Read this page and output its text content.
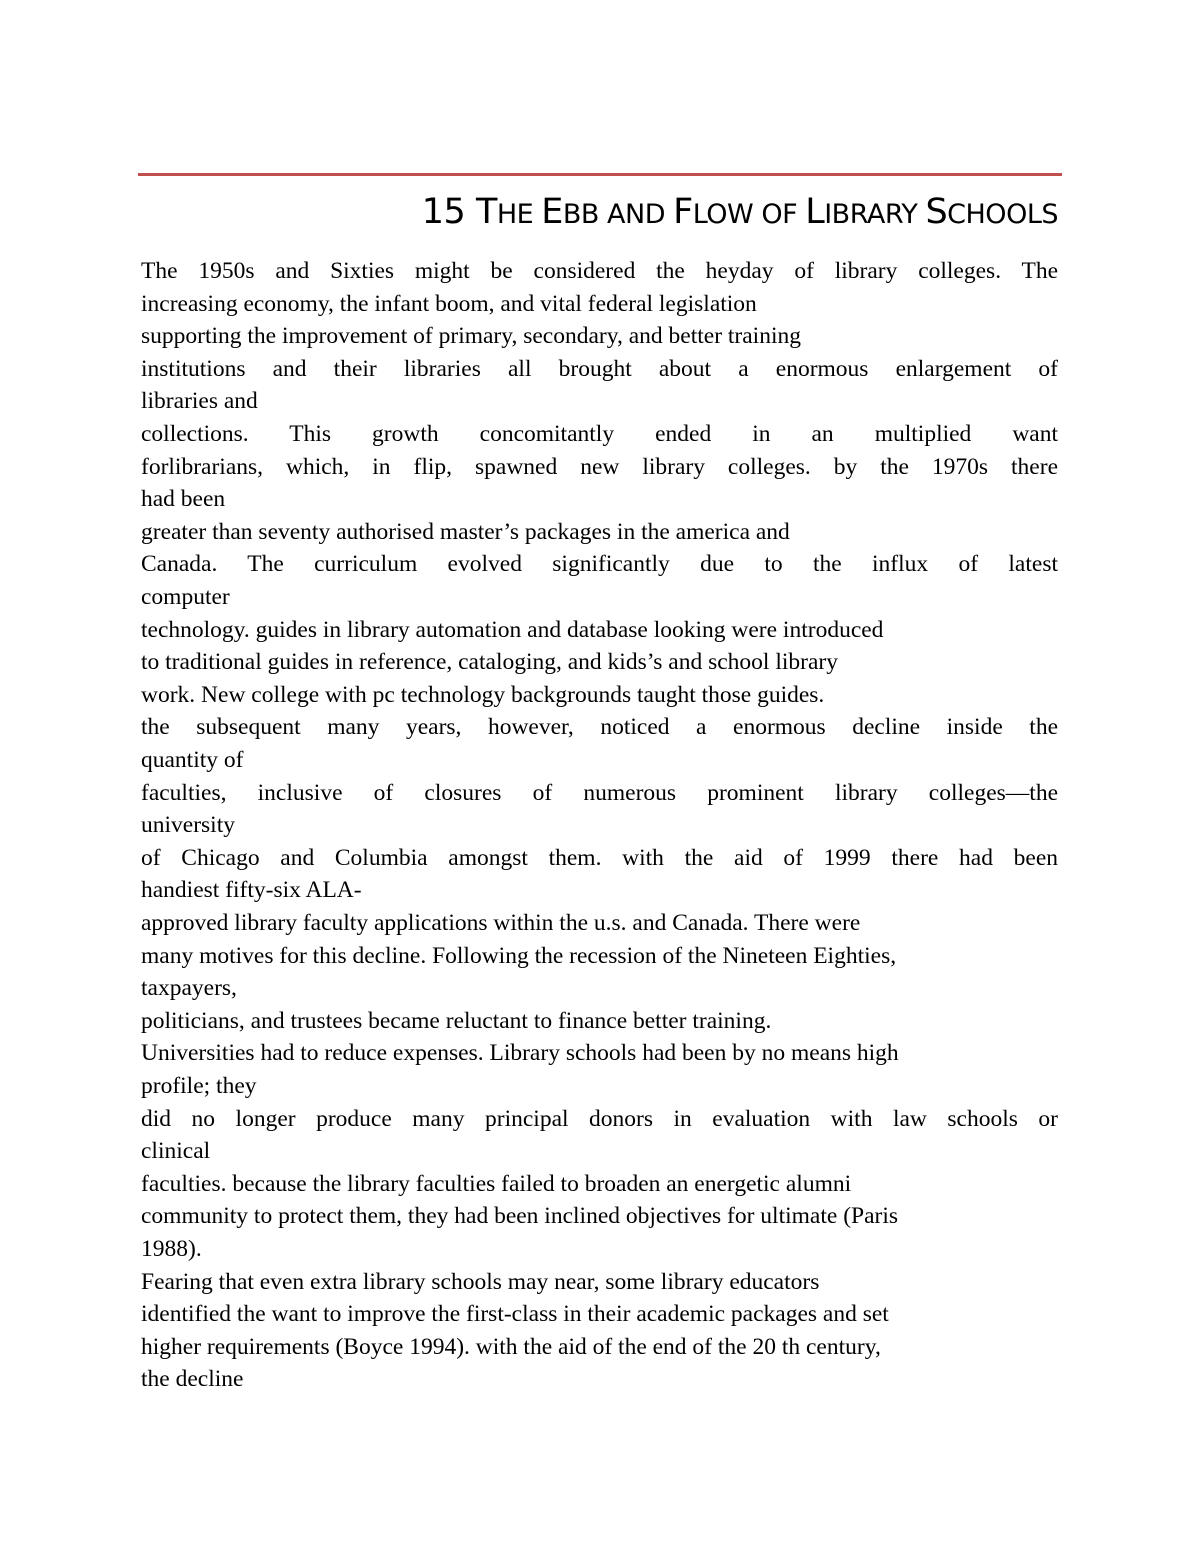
15 THE EBB AND FLOW OF LIBRARY SCHOOLS
The 1950s and Sixties might be considered the heyday of library colleges. The
increasing economy, the infant boom, and vital federal legislation
supporting the improvement of primary, secondary, and better training
institutions and their libraries all brought about a enormous enlargement of
libraries and
collections. This growth concomitantly ended in an multiplied want
forlibrarians, which, in flip, spawned new library colleges. by the 1970s there
had been
greater than seventy authorised master’s packages in the america and
Canada. The curriculum evolved significantly due to the influx of latest
computer
technology. guides in library automation and database looking were introduced
to traditional guides in reference, cataloging, and kids’s and school library
work. New college with pc technology backgrounds taught those guides.
the subsequent many years, however, noticed a enormous decline inside the
quantity of
faculties, inclusive of closures of numerous prominent library colleges—the
university
of Chicago and Columbia amongst them. with the aid of 1999 there had been
handiest fifty-six ALA-
approved library faculty applications within the u.s. and Canada. There were
many motives for this decline. Following the recession of the Nineteen Eighties,
taxpayers,
politicians, and trustees became reluctant to finance better training.
Universities had to reduce expenses. Library schools had been by no means high
profile; they
did no longer produce many principal donors in evaluation with law schools or
clinical
faculties. because the library faculties failed to broaden an energetic alumni
community to protect them, they had been inclined objectives for ultimate (Paris
1988).
Fearing that even extra library schools may near, some library educators
identified the want to improve the first-class in their academic packages and set
higher requirements (Boyce 1994). with the aid of the end of the 20 th century,
the decline
